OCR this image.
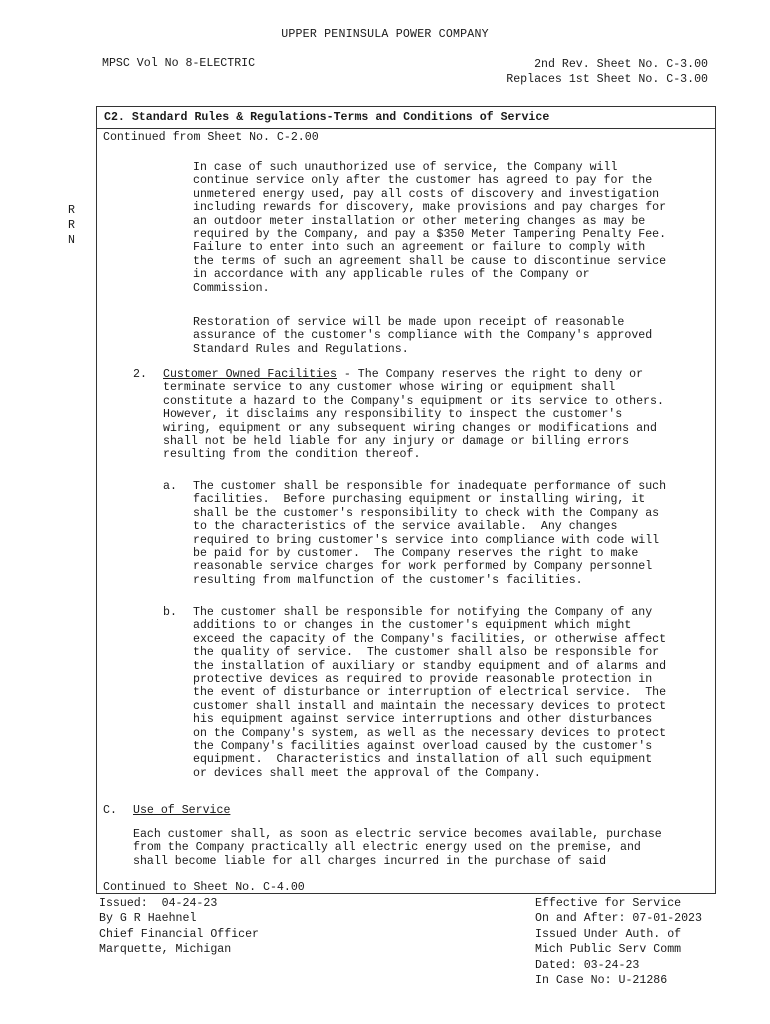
UPPER PENINSULA POWER COMPANY
MPSC Vol No 8-ELECTRIC	2nd Rev. Sheet No. C-3.00
Replaces 1st Sheet No. C-3.00
C2. Standard Rules & Regulations-Terms and Conditions of Service
Continued from Sheet No. C-2.00
R
R
N
In case of such unauthorized use of service, the Company will
continue service only after the customer has agreed to pay for the
unmetered energy used, pay all costs of discovery and investigation
including rewards for discovery, make provisions and pay charges for
an outdoor meter installation or other metering changes as may be
required by the Company, and pay a $350 Meter Tampering Penalty Fee.
Failure to enter into such an agreement or failure to comply with
the terms of such an agreement shall be cause to discontinue service
in accordance with any applicable rules of the Company or
Commission.
Restoration of service will be made upon receipt of reasonable
assurance of the customer's compliance with the Company's approved
Standard Rules and Regulations.
2. Customer Owned Facilities - The Company reserves the right to deny or
terminate service to any customer whose wiring or equipment shall
constitute a hazard to the Company's equipment or its service to others.
However, it disclaims any responsibility to inspect the customer's
wiring, equipment or any subsequent wiring changes or modifications and
shall not be held liable for any injury or damage or billing errors
resulting from the condition thereof.
a. The customer shall be responsible for inadequate performance of such
facilities.  Before purchasing equipment or installing wiring, it
shall be the customer's responsibility to check with the Company as
to the characteristics of the service available.  Any changes
required to bring customer's service into compliance with code will
be paid for by customer.  The Company reserves the right to make
reasonable service charges for work performed by Company personnel
resulting from malfunction of the customer's facilities.
b. The customer shall be responsible for notifying the Company of any
additions to or changes in the customer's equipment which might
exceed the capacity of the Company's facilities, or otherwise affect
the quality of service.  The customer shall also be responsible for
the installation of auxiliary or standby equipment and of alarms and
protective devices as required to provide reasonable protection in
the event of disturbance or interruption of electrical service.  The
customer shall install and maintain the necessary devices to protect
his equipment against service interruptions and other disturbances
on the Company's system, as well as the necessary devices to protect
the Company's facilities against overload caused by the customer's
equipment.  Characteristics and installation of all such equipment
or devices shall meet the approval of the Company.
C. Use of Service
Each customer shall, as soon as electric service becomes available, purchase
from the Company practically all electric energy used on the premise, and
shall become liable for all charges incurred in the purchase of said
Continued to Sheet No. C-4.00
Issued:  04-24-23
By G R Haehnel
Chief Financial Officer
Marquette, Michigan
Effective for Service
On and After: 07-01-2023
Issued Under Auth. of
Mich Public Serv Comm
Dated: 03-24-23
In Case No: U-21286
